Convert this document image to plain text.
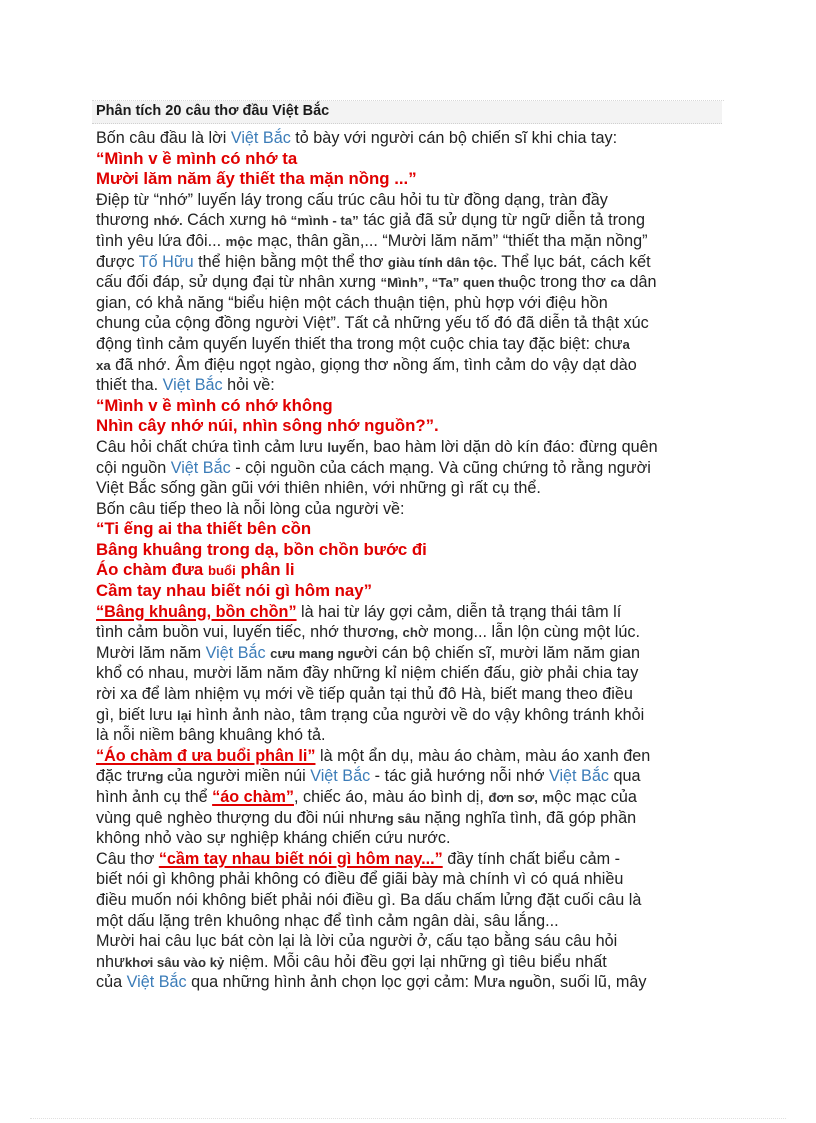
Phân tích 20 câu thơ đầu Việt Bắc
Bốn câu đầu là lời Việt Bắc tỏ bày với người cán bộ chiến sĩ khi chia tay:
“Mình v ề mình có nhớ ta
Mười lăm năm ấy thiết tha mặn nồng ...”
Điệp từ “nhớ” luyến láy trong cấu trúc câu hỏi tu từ đồng dạng, tràn đầy
thương nhớ. Cách xưng hô “mình - ta” tác giả đã sử dụng từ ngữ diễn tả trong
tình yêu lứa đôi... mộc mạc, thân gần,... “Mười lăm năm” “thiết tha mặn nồng”
được Tố Hữu thể hiện bằng một thể thơ giàu tính dân tộc. Thể lục bát, cách kết
cấu đối đáp, sử dụng đại từ nhân xưng “Mình”, “Ta” quen thuộc trong thơ ca dân
gian, có khả năng “biểu hiện một cách thuận tiện, phù hợp với điệu hồn
chung của cộng đồng người Việt”. Tất cả những yếu tố đó đã diễn tả thật xúc
động tình cảm quyến luyến thiết tha trong một cuộc chia tay đặc biệt: chưa
xa đã nhớ. Âm điệu ngọt ngào, giọng thơ nồng ấm, tình cảm do vậy dạt dào
thiết tha. Việt Bắc hỏi về:
“Mình v ề mình có nhớ không
Nhìn cây nhớ núi, nhìn sông nhớ nguồn?”.
Câu hỏi chất chứa tình cảm lưu luyến, bao hàm lời dặn dò kín đáo: đừng quên
cội nguồn Việt Bắc - cội nguồn của cách mạng. Và cũng chứng tỏ rằng người
Việt Bắc sống gần gũi với thiên nhiên, với những gì rất cụ thể.
Bốn câu tiếp theo là nỗi lòng của người về:
“Ti ếng ai tha thiết bên cồn
Bâng khuâng trong dạ, bồn chồn bước đi
Áo chàm đưa buổi phân li
Cầm tay nhau biết nói gì hôm nay”
“Bâng khuâng, bồn chồn” là hai từ láy gợi cảm, diễn tả trạng thái tâm lí
tình cảm buồn vui, luyến tiếc, nhớ thương, chờ mong... lẫn lộn cùng một lúc.
Mười lăm năm Việt Bắc cưu mang người cán bộ chiến sĩ, mười lăm năm gian
khổ có nhau, mười lăm năm đầy những kỉ niệm chiến đấu, giờ phải chia tay
rời xa để làm nhiệm vụ mới về tiếp quản tại thủ đô Hà, biết mang theo điều
gì, biết lưu lại hình ảnh nào, tâm trạng của người về do vậy không tránh khỏi
là nỗi niềm bâng khuâng khó tả.
“Áo chàm đ ưa buổi phân li” là một ẩn dụ, màu áo chàm, màu áo xanh đen
đặc trưng của người miền núi Việt Bắc - tác giả hướng nỗi nhớ Việt Bắc qua
hình ảnh cụ thể “áo chàm”, chiếc áo, màu áo bình dị, đơn sơ, mộc mạc của
vùng quê nghèo thượng du đồi núi nhưng sâu nặng nghĩa tình, đã góp phần
không nhỏ vào sự nghiệp kháng chiến cứu nước.
Câu thơ “cầm tay nhau biết nói gì hôm nay...” đầy tính chất biểu cảm -
biết nói gì không phải không có điều để giãi bày mà chính vì có quá nhiều
điều muốn nói không biết phải nói điều gì. Ba dấu chấm lửng đặt cuối câu là
một dấu lặng trên khuông nhạc để tình cảm ngân dài, sâu lắng...
Mười hai câu lục bát còn lại là lời của người ở, cấu tạo bằng sáu câu hỏi
nhưkhơi sâu vào kỷ niệm. Mỗi câu hỏi đều gợi lại những gì tiêu biểu nhất
của Việt Bắc qua những hình ảnh chọn lọc gợi cảm: Mưa nguồn, suối lũ, mây
